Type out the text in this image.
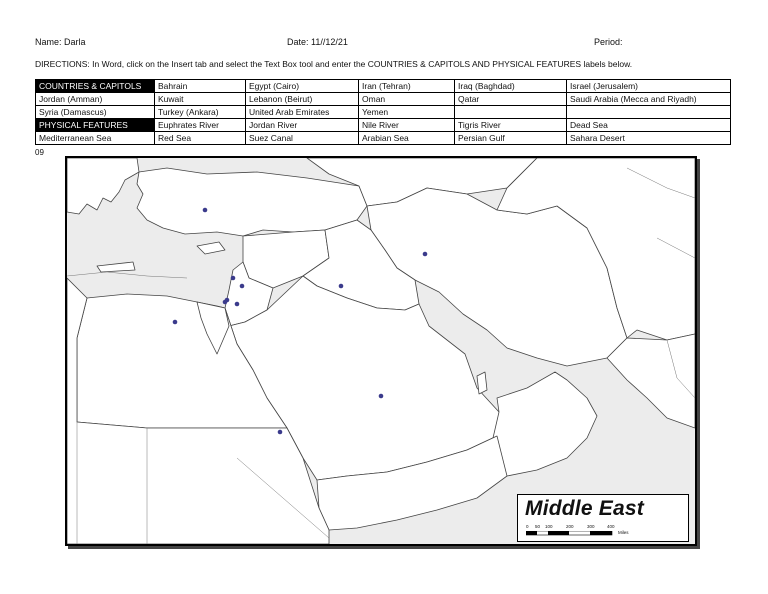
Name: Darla	Date: 11//12/21	Period:
DIRECTIONS: In Word, click on the Insert tab and select the Text Box tool and enter the COUNTRIES & CAPITOLS AND PHYSICAL FEATURES labels below.
COUNTRIES & CAPITOLS	Bahrain	Egypt (Cairo)	Iran (Tehran)	Iraq (Baghdad)	Israel (Jerusalem)
Jordan (Amman)	Kuwait	Lebanon (Beirut)	Oman	Qatar	Saudi Arabia (Mecca and Riyadh)
Syria (Damascus)	Turkey (Ankara)	United Arab Emirates	Yemen		
PHYSICAL FEATURES	Euphrates River	Jordan River	Nile River	Tigris River	Dead Sea
Mediterranean Sea	Red Sea	Suez Canal	Arabian Sea	Persian Gulf	Sahara Desert
09
Middle East
0 50 100	200	300	400
Miles
